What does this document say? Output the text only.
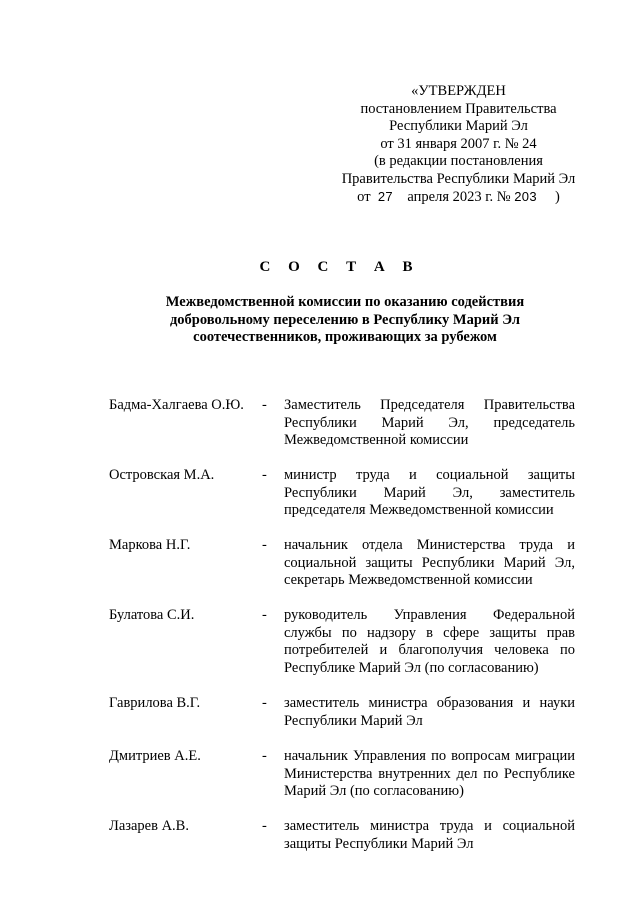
«УТВЕРЖДЕН
постановлением Правительства
Республики Марий Эл
от 31 января 2007 г. № 24
(в редакции постановления
Правительства Республики Марий Эл
от 27 апреля 2023 г. № 203 )
С О С Т А В
Межведомственной комиссии по оказанию содействия добровольному переселению в Республику Марий Эл соотечественников, проживающих за рубежом
Бадма-Халгаева О.Ю. - Заместитель Председателя Правительства Республики Марий Эл, председатель Межведомственной комиссии
Островская М.А.	- министр труда и социальной защиты Республики Марий Эл, заместитель председателя Межведомственной комиссии
Маркова Н.Г.	- начальник отдела Министерства труда и социальной защиты Республики Марий Эл, секретарь Межведомственной комиссии
Булатова С.И.	- руководитель Управления Федеральной службы по надзору в сфере защиты прав потребителей и благополучия человека по Республике Марий Эл (по согласованию)
Гаврилова В.Г.	- заместитель министра образования и науки Республики Марий Эл
Дмитриев А.Е.	- начальник Управления по вопросам миграции Министерства внутренних дел по Республике Марий Эл (по согласованию)
Лазарев А.В.	- заместитель министра труда и социальной защиты Республики Марий Эл
